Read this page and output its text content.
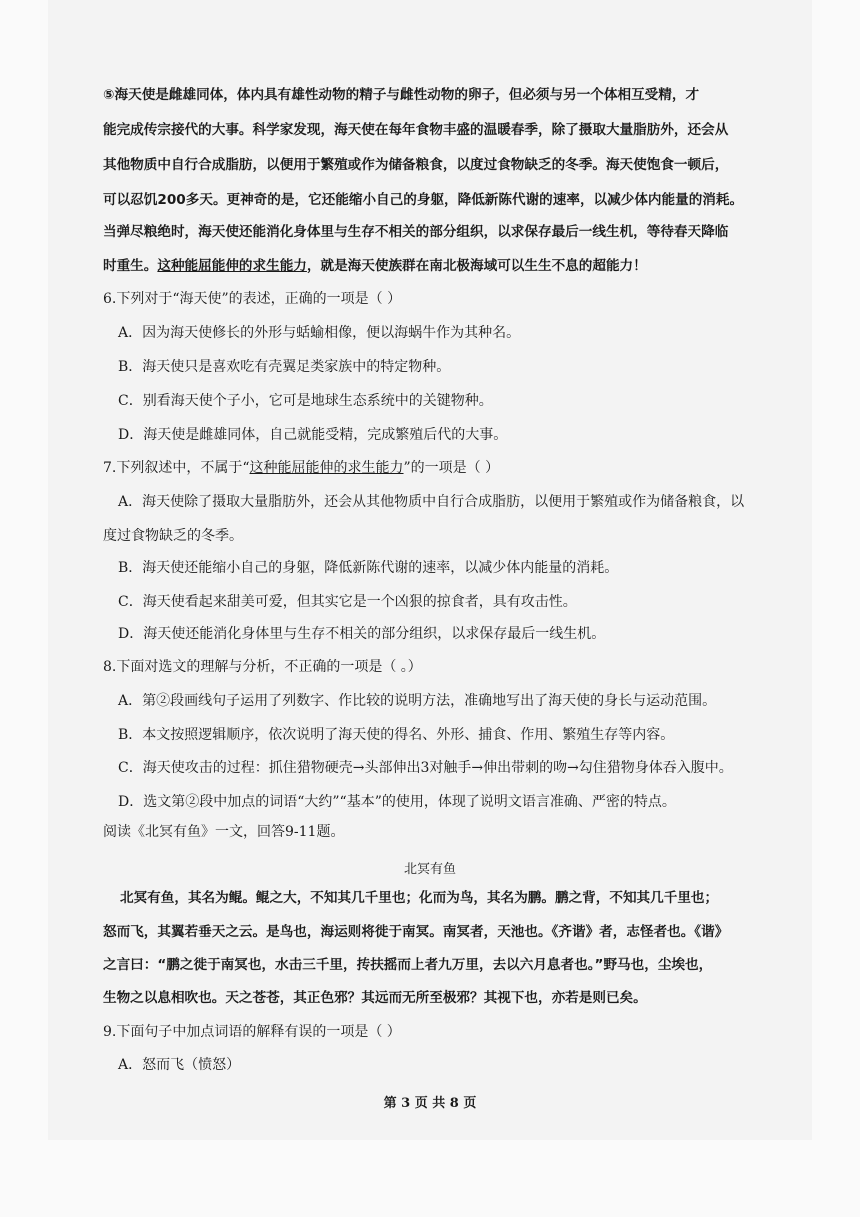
⑤海天使是雌雄同体，体内具有雄性动物的精子与雌性动物的卵子，但必须与另一个体相互受精，才
能完成传宗接代的大事。科学家发现，海天使在每年食物丰盛的温暖春季，除了摄取大量脂肪外，还会从
其他物质中自行合成脂肪，以便用于繁殖或作为储备粮食，以度过食物缺乏的冬季。海天使饱食一顿后，
可以忍饥200多天。更神奇的是，它还能缩小自己的身躯，降低新陈代谢的速率，以减少体内能量的消耗。
当弹尽粮绝时，海天使还能消化身体里与生存不相关的部分组织，以求保存最后一线生机，等待春天降临
时重生。这种能屈能伸的求生能力，就是海天使族群在南北极海域可以生生不息的超能力！
6.下列对于“海天使”的表述，正确的一项是（ ）
A．因为海天使修长的外形与蛞蝓相像，便以海蜗牛作为其种名。
B．海天使只是喜欢吃有壳翼足类家族中的特定物种。
C．别看海天使个子小，它可是地球生态系统中的关键物种。
D．海天使是雌雄同体，自己就能受精，完成繁殖后代的大事。
7.下列叙述中，不属于“这种能屈能伸的求生能力”的一项是（ ）
A．海天使除了摄取大量脂肪外，还会从其他物质中自行合成脂肪，以便用于繁殖或作为储备粮食，以
度过食物缺乏的冬季。
B．海天使还能缩小自己的身躯，降低新陈代谢的速率，以减少体内能量的消耗。
C．海天使看起来甜美可爱，但其实它是一个凶狠的掠食者，具有攻击性。
D．海天使还能消化身体里与生存不相关的部分组织，以求保存最后一线生机。
8.下面对选文的理解与分析，不正确的一项是（ 。）
A．第②段画线句子运用了列数字、作比较的说明方法，准确地写出了海天使的身长与运动范围。
B．本文按照逻辑顺序，依次说明了海天使的得名、外形、捕食、作用、繁殖生存等内容。
C．海天使攻击的过程：抓住猎物硬壳→头部伸出3对触手→伸出带刺的吻→勾住猎物身体吞入腹中。
D．选文第②段中加点的词语“大约”“基本”的使用，体现了说明文语言准确、严密的特点。
阅读《北冥有鱼》一文，回答9-11题。
北冥有鱼
北冥有鱼，其名为鲲。鲲之大，不知其几千里也；化而为鸟，其名为鹏。鹏之背，不知其几千里也；
怒而飞，其翼若垂天之云。是鸟也，海运则将徙于南冥。南冥者，天池也。《齐谐》者，志怪者也。《谐》
之言曰：“鹏之徙于南冥也，水击三千里，抟扶摇而上者九万里，去以六月息者也。”野马也，尘埃也，
生物之以息相吹也。天之苍苍，其正色邪？其远而无所至极邪？其视下也，亦若是则已矣。
9.下面句子中加点词语的解释有误的一项是（ ）
A．怒而飞（愤怒）
第 3 页 共 8 页
